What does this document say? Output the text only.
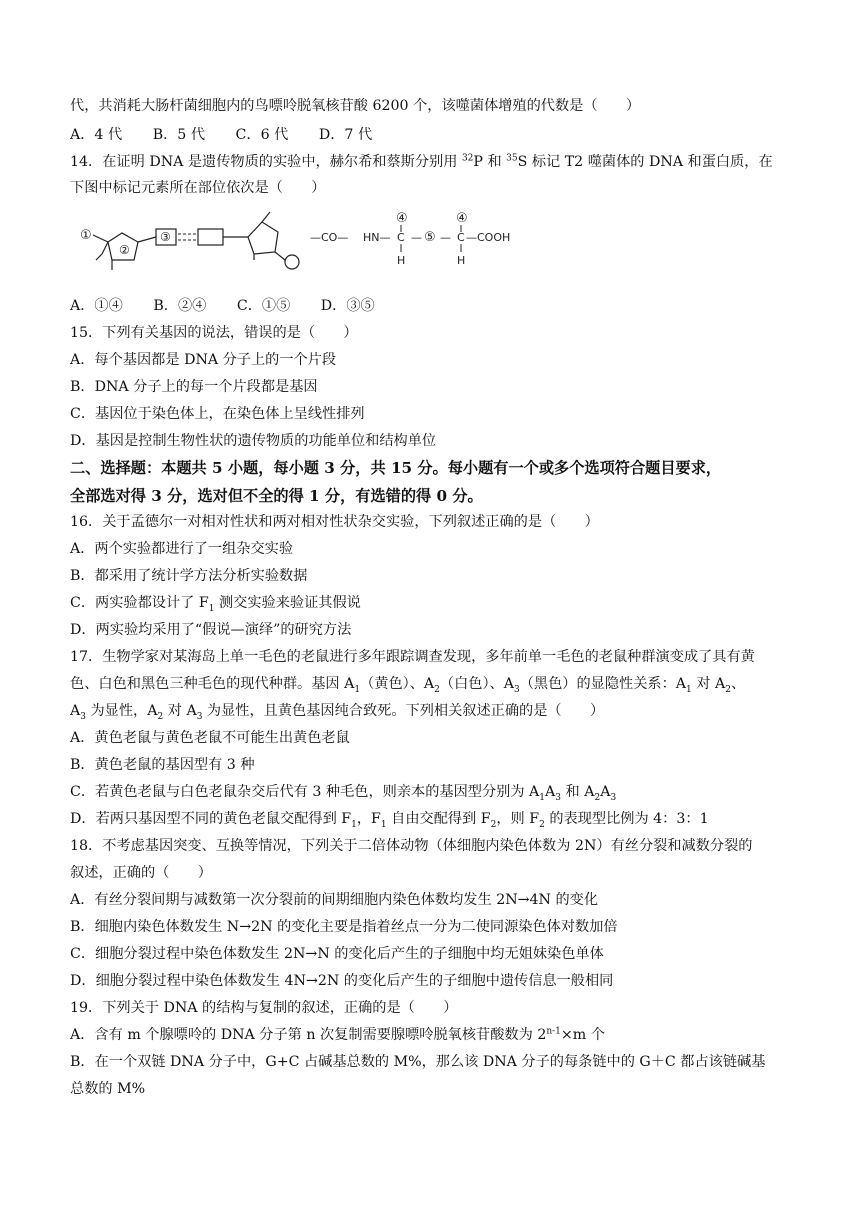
代，共消耗大肠杆菌细胞内的鸟嘌呤脱氧核苷酸 6200 个，该噬菌体增殖的代数是（　　）
A．4 代 B．5 代 C．6 代 D．7 代
14．在证明 DNA 是遗传物质的实验中，赫尔希和蔡斯分别用 $^{32}$P 和 $^{35}$S 标记 T2 噬菌体的 DNA 和蛋白质，在
下图中标记元素所在部位依次是（　　）
①
②
③	—CO— HN—
④
C
H
— ⑤ —
④
C
H
—COOH
A．①④ B．②④ C．①⑤ D．③⑤
15．下列有关基因的说法，错误的是（　　）
A．每个基因都是 DNA 分子上的一个片段
B．DNA 分子上的每一个片段都是基因
C．基因位于染色体上，在染色体上呈线性排列
D．基因是控制生物性状的遗传物质的功能单位和结构单位
二、选择题：本题共 5 小题，每小题 3 分，共 15 分。每小题有一个或多个选项符合题目要求，
全部选对得 3 分，选对但不全的得 1 分，有选错的得 0 分。
16．关于孟德尔一对相对性状和两对相对性状杂交实验，下列叙述正确的是（　　）
A．两个实验都进行了一组杂交实验
B．都采用了统计学方法分析实验数据
C．两实验都设计了 $F_1$ 测交实验来验证其假说
D．两实验均采用了“假说—演绎”的研究方法
17．生物学家对某海岛上单一毛色的老鼠进行多年跟踪调查发现，多年前单一毛色的老鼠种群演变成了具有黄
色、白色和黑色三种毛色的现代种群。基因 $A_1$（黄色）、$A_2$（白色）、$A_3$（黑色）的显隐性关系：$A_1$ 对 $A_2$、
$A_3$ 为显性，$A_2$ 对 $A_3$ 为显性，且黄色基因纯合致死。下列相关叙述正确的是（　　）
A．黄色老鼠与黄色老鼠不可能生出黄色老鼠
B．黄色老鼠的基因型有 3 种
C．若黄色老鼠与白色老鼠杂交后代有 3 种毛色，则亲本的基因型分别为 $A_1A_3$ 和 $A_2A_3$
D．若两只基因型不同的黄色老鼠交配得到 $F_1$，$F_1$ 自由交配得到 $F_2$，则 $F_2$ 的表现型比例为 4：3：1
18．不考虑基因突变、互换等情况，下列关于二倍体动物（体细胞内染色体数为 2N）有丝分裂和减数分裂的
叙述，正确的（　　）
A．有丝分裂间期与减数第一次分裂前的间期细胞内染色体数均发生 2N→4N 的变化
B．细胞内染色体数发生 N→2N 的变化主要是指着丝点一分为二使同源染色体对数加倍
C．细胞分裂过程中染色体数发生 2N→N 的变化后产生的子细胞中均无姐妹染色单体
D．细胞分裂过程中染色体数发生 4N→2N 的变化后产生的子细胞中遗传信息一般相同
19．下列关于 DNA 的结构与复制的叙述，正确的是（　　）
A．含有 m 个腺嘌呤的 DNA 分子第 n 次复制需要腺嘌呤脱氧核苷酸数为 $2^{n-1}\times m$ 个
B．在一个双链 DNA 分子中，G+C 占碱基总数的 M%，那么该 DNA 分子的每条链中的 G＋C 都占该链碱基
总数的 M%
